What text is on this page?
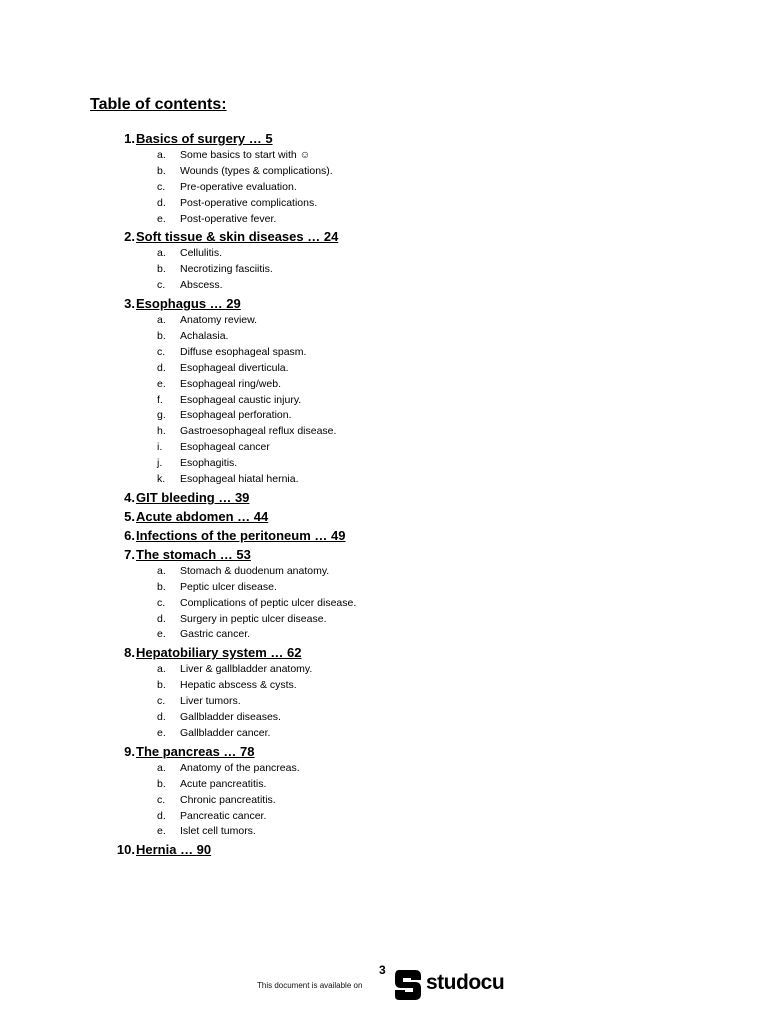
Table of contents:
1. Basics of surgery … 5
a.	Some basics to start with ☺
b.	Wounds (types & complications).
c.	Pre-operative evaluation.
d.	Post-operative complications.
e.	Post-operative fever.
2. Soft tissue & skin diseases … 24
a.	Cellulitis.
b.	Necrotizing fasciitis.
c.	Abscess.
3. Esophagus … 29
a.	Anatomy review.
b.	Achalasia.
c.	Diffuse esophageal spasm.
d.	Esophageal diverticula.
e.	Esophageal ring/web.
f.	Esophageal caustic injury.
g.	Esophageal perforation.
h.	Gastroesophageal reflux disease.
i.	Esophageal cancer
j.	Esophagitis.
k.	Esophageal hiatal hernia.
4. GIT bleeding … 39
5. Acute abdomen … 44
6. Infections of the peritoneum … 49
7. The stomach … 53
a.	Stomach & duodenum anatomy.
b.	Peptic ulcer disease.
c.	Complications of peptic ulcer disease.
d.	Surgery in peptic ulcer disease.
e.	Gastric cancer.
8. Hepatobiliary system … 62
a.	Liver & gallbladder anatomy.
b.	Hepatic abscess & cysts.
c.	Liver tumors.
d.	Gallbladder diseases.
e.	Gallbladder cancer.
9. The pancreas … 78
a.	Anatomy of the pancreas.
b.	Acute pancreatitis.
c.	Chronic pancreatitis.
d.	Pancreatic cancer.
e.	Islet cell tumors.
10. Hernia … 90
3
This document is available on	studocu
